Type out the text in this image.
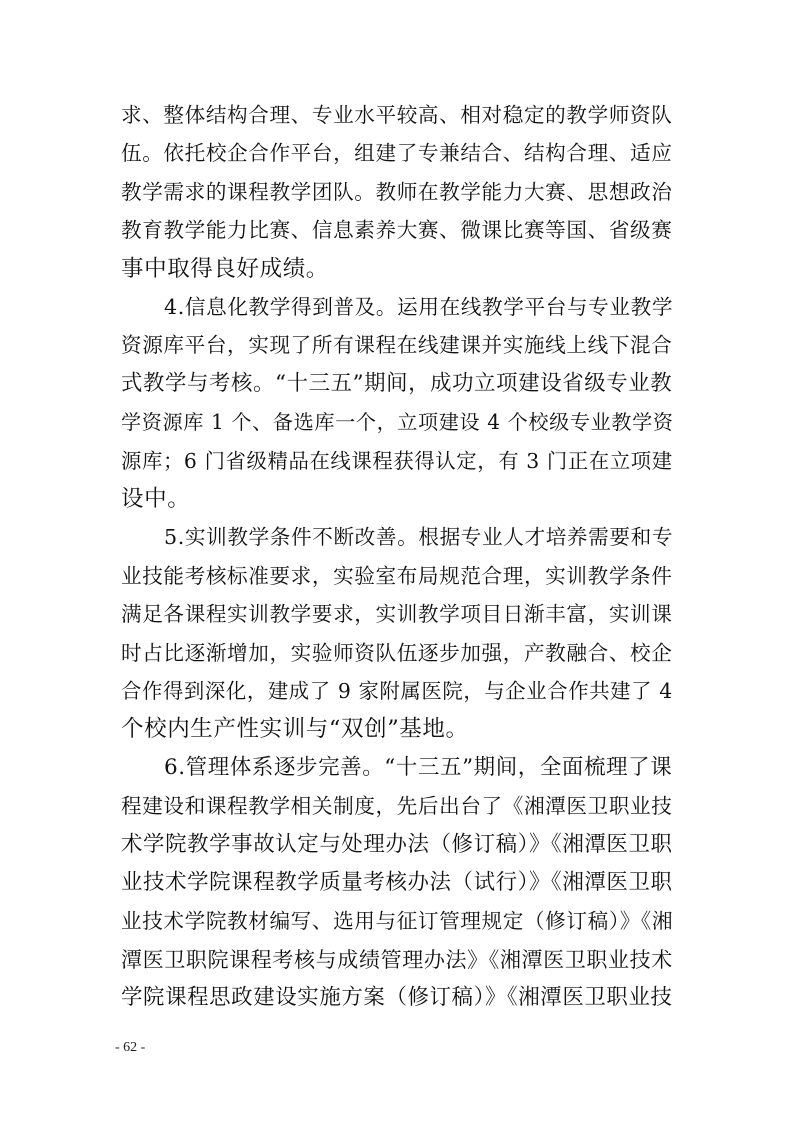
求、整体结构合理、专业水平较高、相对稳定的教学师资队
伍。依托校企合作平台，组建了专兼结合、结构合理、适应
教学需求的课程教学团队。教师在教学能力大赛、思想政治
教育教学能力比赛、信息素养大赛、微课比赛等国、省级赛
事中取得良好成绩。
4.信息化教学得到普及。运用在线教学平台与专业教学
资源库平台，实现了所有课程在线建课并实施线上线下混合
式教学与考核。“十三五”期间，成功立项建设省级专业教
学资源库 1 个、备选库一个，立项建设 4 个校级专业教学资
源库；6 门省级精品在线课程获得认定，有 3 门正在立项建
设中。
5.实训教学条件不断改善。根据专业人才培养需要和专
业技能考核标准要求，实验室布局规范合理，实训教学条件
满足各课程实训教学要求，实训教学项目日渐丰富，实训课
时占比逐渐增加，实验师资队伍逐步加强，产教融合、校企
合作得到深化，建成了 9 家附属医院，与企业合作共建了 4
个校内生产性实训与“双创”基地。
6.管理体系逐步完善。“十三五”期间，全面梳理了课
程建设和课程教学相关制度，先后出台了《湘潭医卫职业技
术学院教学事故认定与处理办法（修订稿）》《湘潭医卫职
业技术学院课程教学质量考核办法（试行）》《湘潭医卫职
业技术学院教材编写、选用与征订管理规定（修订稿）》《湘
- 62 -
潭医卫职院课程考核与成绩管理办法》《湘潭医卫职业技术
学院课程思政建设实施方案（修订稿）》《湘潭医卫职业技
